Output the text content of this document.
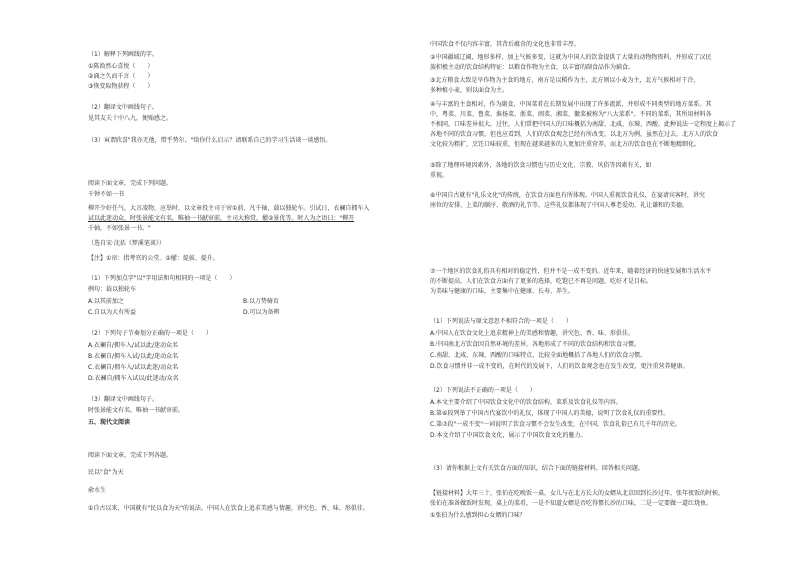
（1）解释下列画线的字。
①陈涣然心喜悦（　　）
②诵之久而千言（　　）
③恢变取物获程（　　）
（2）翻译文中画线句子。
见其友夫十中八九，便贻感之。
（3）寅谓欣喜"我亦无他，惜乎势尔。"给你什么启示？请联系自己的学习生活谈一谈感悟。
阅读下面文章，完成下列问题。
千钟不如一书
柳开少好任气，大言凌物，应举时，以文章投主司于帘①前，凡千轴，载以独轮车。引试日，衣襕自拥车入
试以此迷动众，时张景能文有名，唯袖一书献帘前，主司大称赏，擢②景优等。时人为之语曰："柳开
千轴，不如张景一书。"
（选自宋·沈括《梦溪笔谈》）
【注】①帘：指考官的公堂。②擢：提拔、提升。
（1）下列加点字"以"字用法和句相同的一项是（　　）
例句：载以独轮车
A.以其前加之	B.以万势骑育
C.自以为大有所益	D.可以为备辨
（2）下列句子节奏划分正确的一项是（　　）
A.衣襕自/拥车入/试以此/迷动众名
B.衣襕自/拥车入试/以此/迷动众名
C.衣襕自/拥车入/试以此迷/动众名
D.衣襕自/拥车入试以/此迷动/众名
（3）翻译文中画线句子。
时张景能文有名，唯袖一书献帘前。
五、现代文阅读
阅读下面文章，完成下列各题。
民以"食"为天
俞水生
①自古以来，中国就有"民以食为天"的说法。中国人在饮食上追求美感与情趣，讲究色、香、味、形俱佳。
中国饮食不仅内容丰富，其背后蕴含的文化也非常丰厚。
②中国疆域辽阔，地形多样，加上气候多变，这就为中国人的饮食提供了大量的动物物资料，并形成了汉民
族积极主动的饮食结构特征：以粮食作物为主食，以丰富的副食品作为辅食。
③北方粮食大致是旱作物为主食的地方，南方是以稻作为主，北方则以小麦为主，北方气候相对干冷，
多种植小麦，则以面食为主。
④与丰富的主食相对，作为副食，中国菜肴在长期发展中出现了许多流派，并形成不同类型的地方菜系。其
中，粤菜、川菜、鲁菜、淮扬菜、浙菜、闽菜、湘菜、徽菜被称为"八大菜系"。不同的菜系，其所用材料各
不相同，口味差异很大。过往，人们常把中国人的口味概括为南甜、北咸、东辣、西酸。此种说法一定程度上揭示了
各地不同的饮食习惯，但也应看到，人们的饮食观念已经有所改变，以北方为例，虽然在过去，北方人的饮食
文化较为粗犷，烹饪口味较重，但现在越来越多的人更加注重营养，而北方的饮食也在不断地精细化。
⑤除了地理环境因素外，各地的饮食习惯也与历史文化、宗教、风俗等因素有关，如
重视。
⑥中国自古就有"礼乐文化"的传统，在饮食方面也有所体现。中国人重视饮食礼仪，在宴请宾客时，讲究
座位的安排、上菜的顺序、敬酒的礼节等，这些礼仪都体现了中国人尊老爱幼、礼让谦和的美德。
⑦一个地区的饮食礼俗具有相对的稳定性，但并不是一成不变的。近年来，随着经济的快速发展和生活水平
的不断提高，人们在饮食方面有了更多的选择，吃饱已不再是问题，吃好才是目标。
为美味与健康的口味，主要集中在健康、长寿、养生。
（1）下列说法与原文意思不相符合的一项是（　　）
A.中国人在饮食文化上追求精神上的美感和情趣，讲究色、香、味、形俱佳。
B.中国南北方饮食因自然环境的差异，各地形成了不同的饮食结构和饮食习惯。
C.南甜、北咸、东辣、西酸的口味特点，比较全面地概括了各地人们的饮食习惯。
D.饮食习惯并非一成不变的，在时代的发展下，人们的饮食观念也在发生改变，更注重营养健康。
（2）下列说法不正确的一项是（　　）
A.本文主要介绍了中国饮食文化中的饮食结构、菜系及饮食礼仪等内容。
B.第⑥段列举了中国古代宴饮中的礼仪，体现了中国人的美德，说明了饮食礼仪的重要性。
C.第⑦段"一成不变"一词说明了饮食习惯不会发生改变，在中国，饮食礼俗已有几千年的历史。
D.本文介绍了中国饮食文化，展示了中国饮食文化的魅力。
（3）请你根据上文有关饮食方面的知识，结合下面的链接材料，回答相关问题。
【链接材料】大年三十，张伯在吃晚饭一桌，女儿与在北方长大的女婿从北京回到长沙过年，张年夜饭的时候，
张伯在准备做饭时发现，桌上的菜肴，一是不知道女婿是否吃得惯长沙的口味，二是一定要做一道红烧鱼。
①张伯为什么感到担心女婿的口味？
